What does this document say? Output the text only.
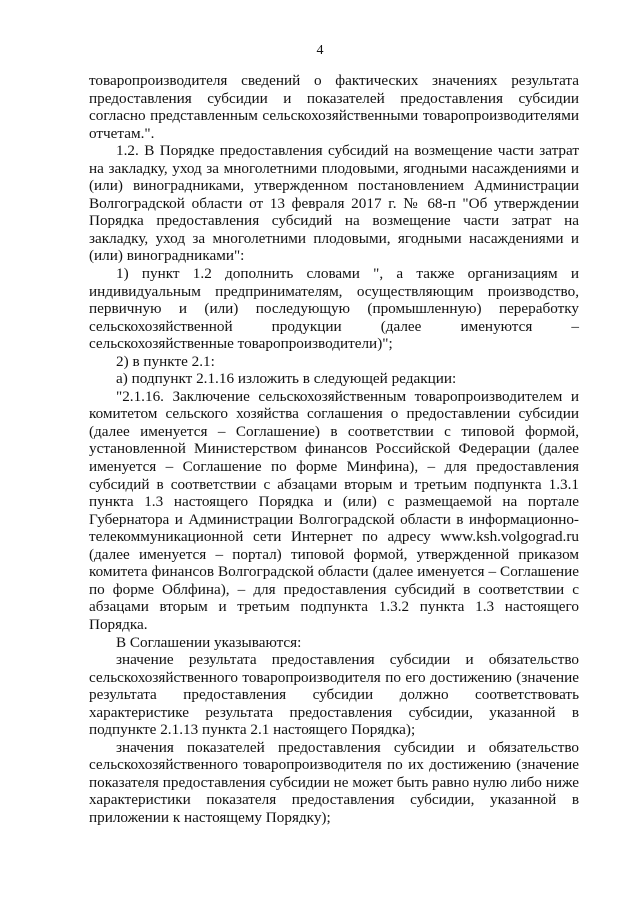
4

товаропроизводителя сведений о фактических значениях результата предоставления субсидии и показателей предоставления субсидии согласно представленным сельскохозяйственными товаропроизводителями отчетам.".

1.2. В Порядке предоставления субсидий на возмещение части затрат на закладку, уход за многолетними плодовыми, ягодными насаждениями и (или) виноградниками, утвержденном постановлением Администрации Волгоградской области от 13 февраля 2017 г. № 68-п "Об утверждении Порядка предоставления субсидий на возмещение части затрат на закладку, уход за многолетними плодовыми, ягодными насаждениями и (или) виноградниками":

1) пункт 1.2 дополнить словами ", а также организациям и индивидуальным предпринимателям, осуществляющим производство, первичную и (или) последующую (промышленную) переработку сельскохозяйственной продукции (далее именуются – сельскохозяйственные товаропроизводители)";

2) в пункте 2.1:

а) подпункт 2.1.16 изложить в следующей редакции:

"2.1.16. Заключение сельскохозяйственным товаропроизводителем и комитетом сельского хозяйства соглашения о предоставлении субсидии (далее именуется – Соглашение) в соответствии с типовой формой, установленной Министерством финансов Российской Федерации (далее именуется – Соглашение по форме Минфина), – для предоставления субсидий в соответствии с абзацами вторым и третьим подпункта 1.3.1 пункта 1.3 настоящего Порядка и (или) с размещаемой на портале Губернатора и Администрации Волгоградской области в информационно-телекоммуникационной сети Интернет по адресу www.ksh.volgograd.ru (далее именуется – портал) типовой формой, утвержденной приказом комитета финансов Волгоградской области (далее именуется – Соглашение по форме Облфина), – для предоставления субсидий в соответствии с абзацами вторым и третьим подпункта 1.3.2 пункта 1.3 настоящего Порядка.

В Соглашении указываются:

значение результата предоставления субсидии и обязательство сельскохозяйственного товаропроизводителя по его достижению (значение результата предоставления субсидии должно соответствовать характеристике результата предоставления субсидии, указанной в подпункте 2.1.13 пункта 2.1 настоящего Порядка);

значения показателей предоставления субсидии и обязательство сельскохозяйственного товаропроизводителя по их достижению (значение показателя предоставления субсидии не может быть равно нулю либо ниже характеристики показателя предоставления субсидии, указанной в приложении к настоящему Порядку);
